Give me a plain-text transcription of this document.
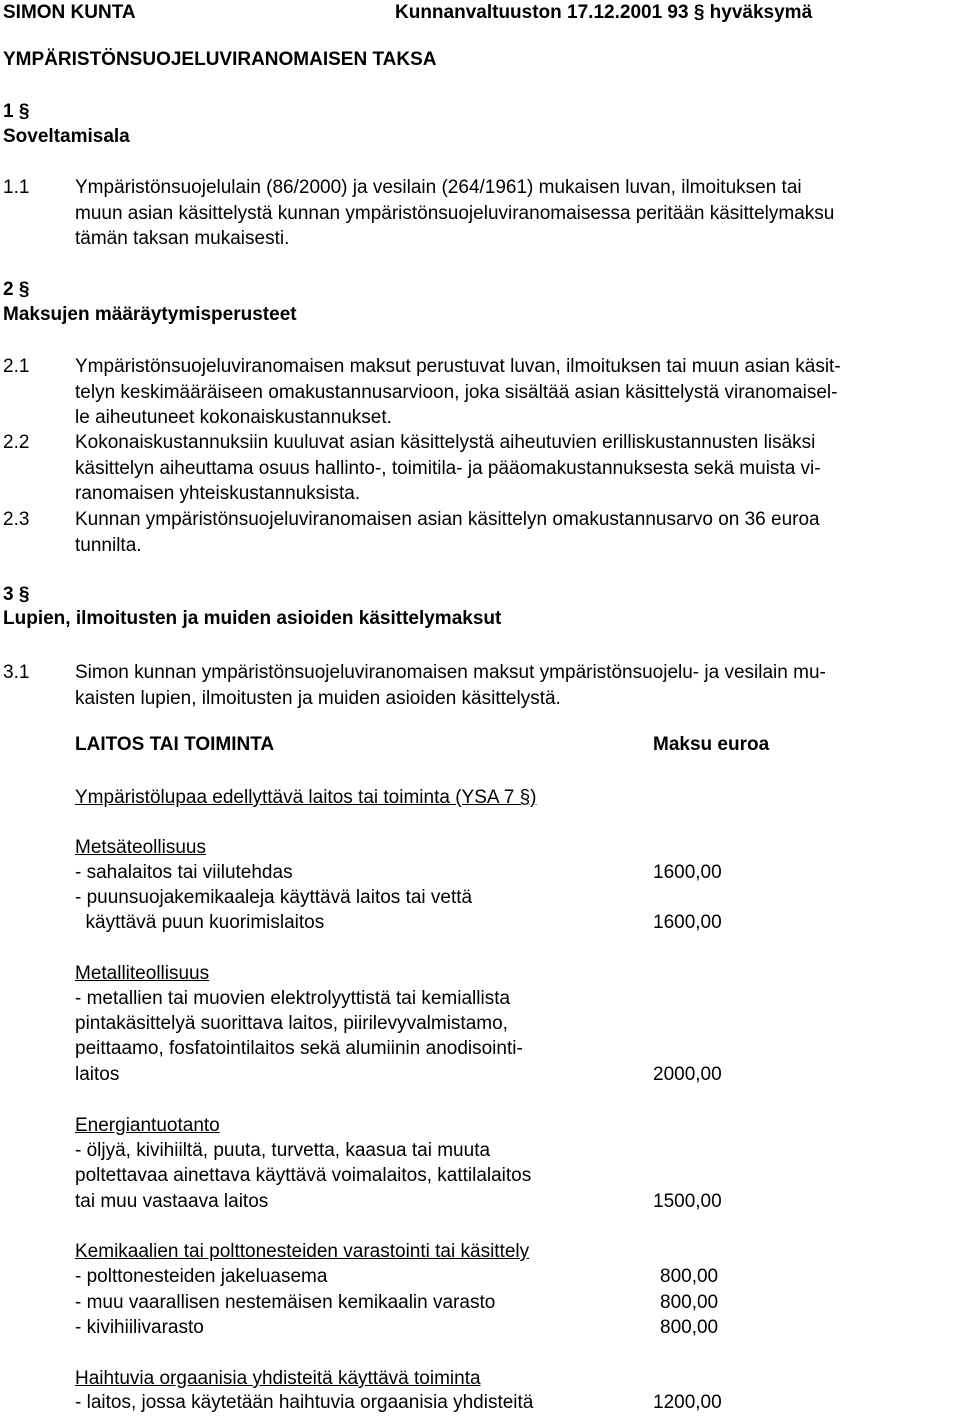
SIMON KUNTA	Kunnanvaltuuston 17.12.2001 93 § hyväksymä
YMPÄRISTÖNSUOJELUVIRANOMAISEN TAKSA
1 §
Soveltamisala
1.1 Ympäristönsuojelulain (86/2000) ja vesilain (264/1961) mukaisen luvan, ilmoituksen tai
muun asian käsittelystä kunnan ympäristönsuojeluviranomaisessa peritään käsittelymaksu
tämän taksan mukaisesti.
2 §
Maksujen määräytymisperusteet
2.1 Ympäristönsuojeluviranomaisen maksut perustuvat luvan, ilmoituksen tai muun asian käsit-
telyn keskimääräiseen omakustannusarvioon, joka sisältää asian käsittelystä viranomaisel-
le aiheutuneet kokonaiskustannukset.
2.2 Kokonaiskustannuksiin kuuluvat asian käsittelystä aiheutuvien erilliskustannusten lisäksi
käsittelyn aiheuttama osuus hallinto-, toimitila- ja pääomakustannuksesta sekä muista vi-
ranomaisen yhteiskustannuksista.
2.3 Kunnan ympäristönsuojeluviranomaisen asian käsittelyn omakustannusarvo on 36 euroa
tunnilta.
3 §
Lupien, ilmoitusten ja muiden asioiden käsittelymaksut
3.1 Simon kunnan ympäristönsuojeluviranomaisen maksut ympäristönsuojelu- ja vesilain mu-
kaisten lupien, ilmoitusten ja muiden asioiden käsittelystä.
LAITOS TAI TOIMINTA	Maksu euroa
Ympäristölupaa edellyttävä laitos tai toiminta (YSA 7 §)
Metsäteollisuus
- sahalaitos tai viilutehdas	1600,00
- puunsuojakemikaaleja käyttävä laitos tai vettä
käyttävä puun kuorimislaitos	1600,00
Metalliteollisuus
- metallien tai muovien elektrolyyttistä tai kemiallista
pintakäsittelyä suorittava laitos, piirilevyvalmistamo,
peittaamo, fosfatointilaitos sekä alumiinin anodisointi-
laitos	2000,00
Energiantuotanto
- öljyä, kivihiiltä, puuta, turvetta, kaasua tai muuta
poltettavaa ainettava käyttävä voimalaitos, kattilalaitos
tai muu vastaava laitos	1500,00
Kemikaalien tai polttonesteiden varastointi tai käsittely
- polttonesteiden jakeluasema	800,00
- muu vaarallisen nestemäisen kemikaalin varasto	800,00
- kivihiilivarasto	800,00
Haihtuvia orgaanisia yhdisteitä käyttävä toiminta
- laitos, jossa käytetään haihtuvia orgaanisia yhdisteitä	1200,00
